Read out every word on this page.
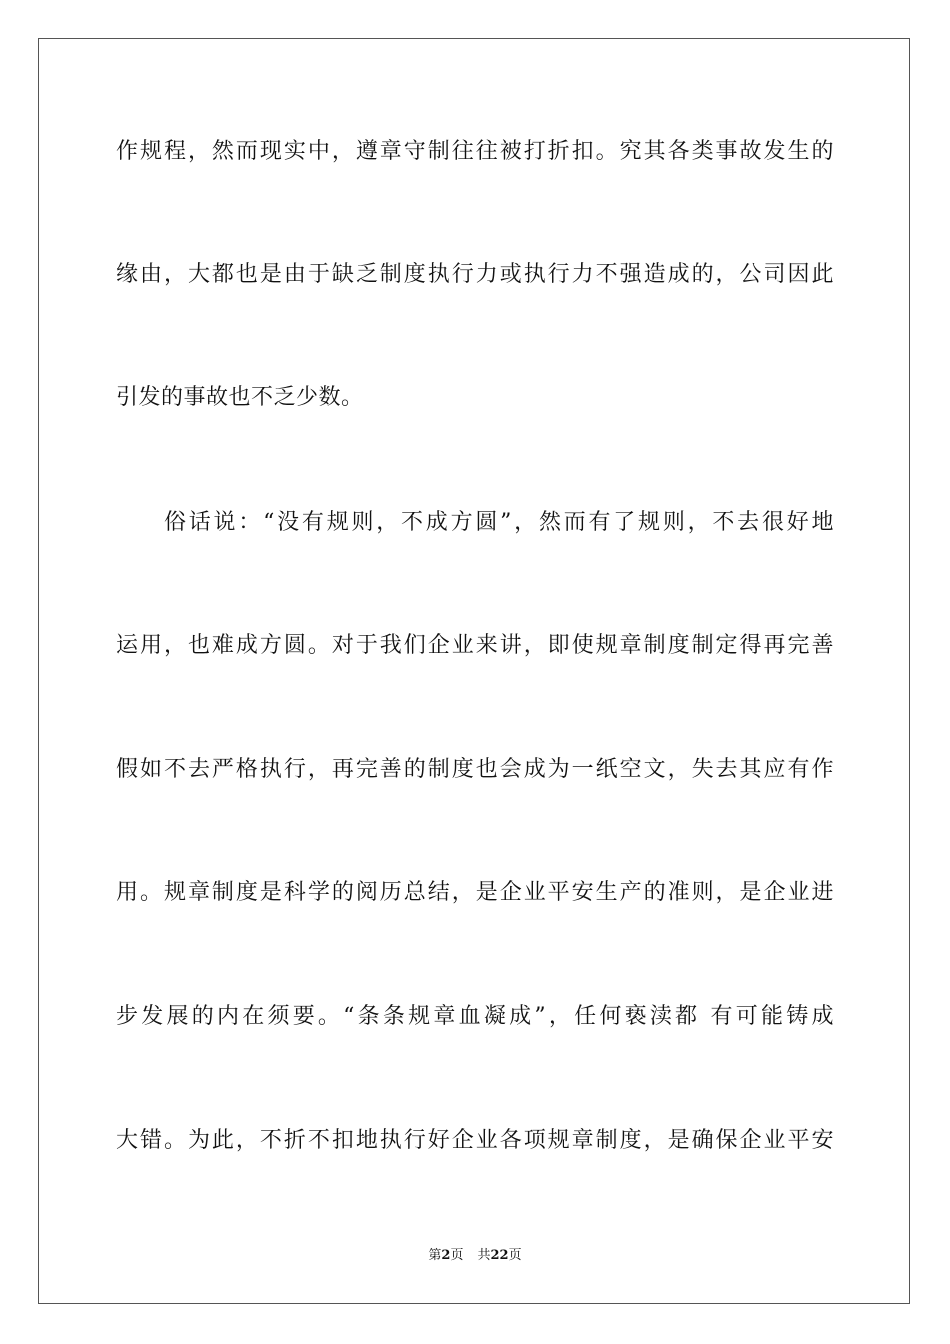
作规程，然而现实中，遵章守制往往被打折扣。究其各类事故发生的
缘由，大都也是由于缺乏制度执行力或执行力不强造成的，公司因此
引发的事故也不乏少数。
俗话说：“没有规则，不成方圆”，然而有了规则，不去很好地
运用，也难成方圆。对于我们企业来讲，即使规章制度制定得再完善
假如不去严格执行，再完善的制度也会成为一纸空文，失去其应有作
用。规章制度是科学的阅历总结，是企业平安生产的准则，是企业进
步发展的内在须要。“条条规章血凝成”，任何亵渎都 有可能铸成
大错。为此，不折不扣地执行好企业各项规章制度，是确保企业平安
第2页 共22页
